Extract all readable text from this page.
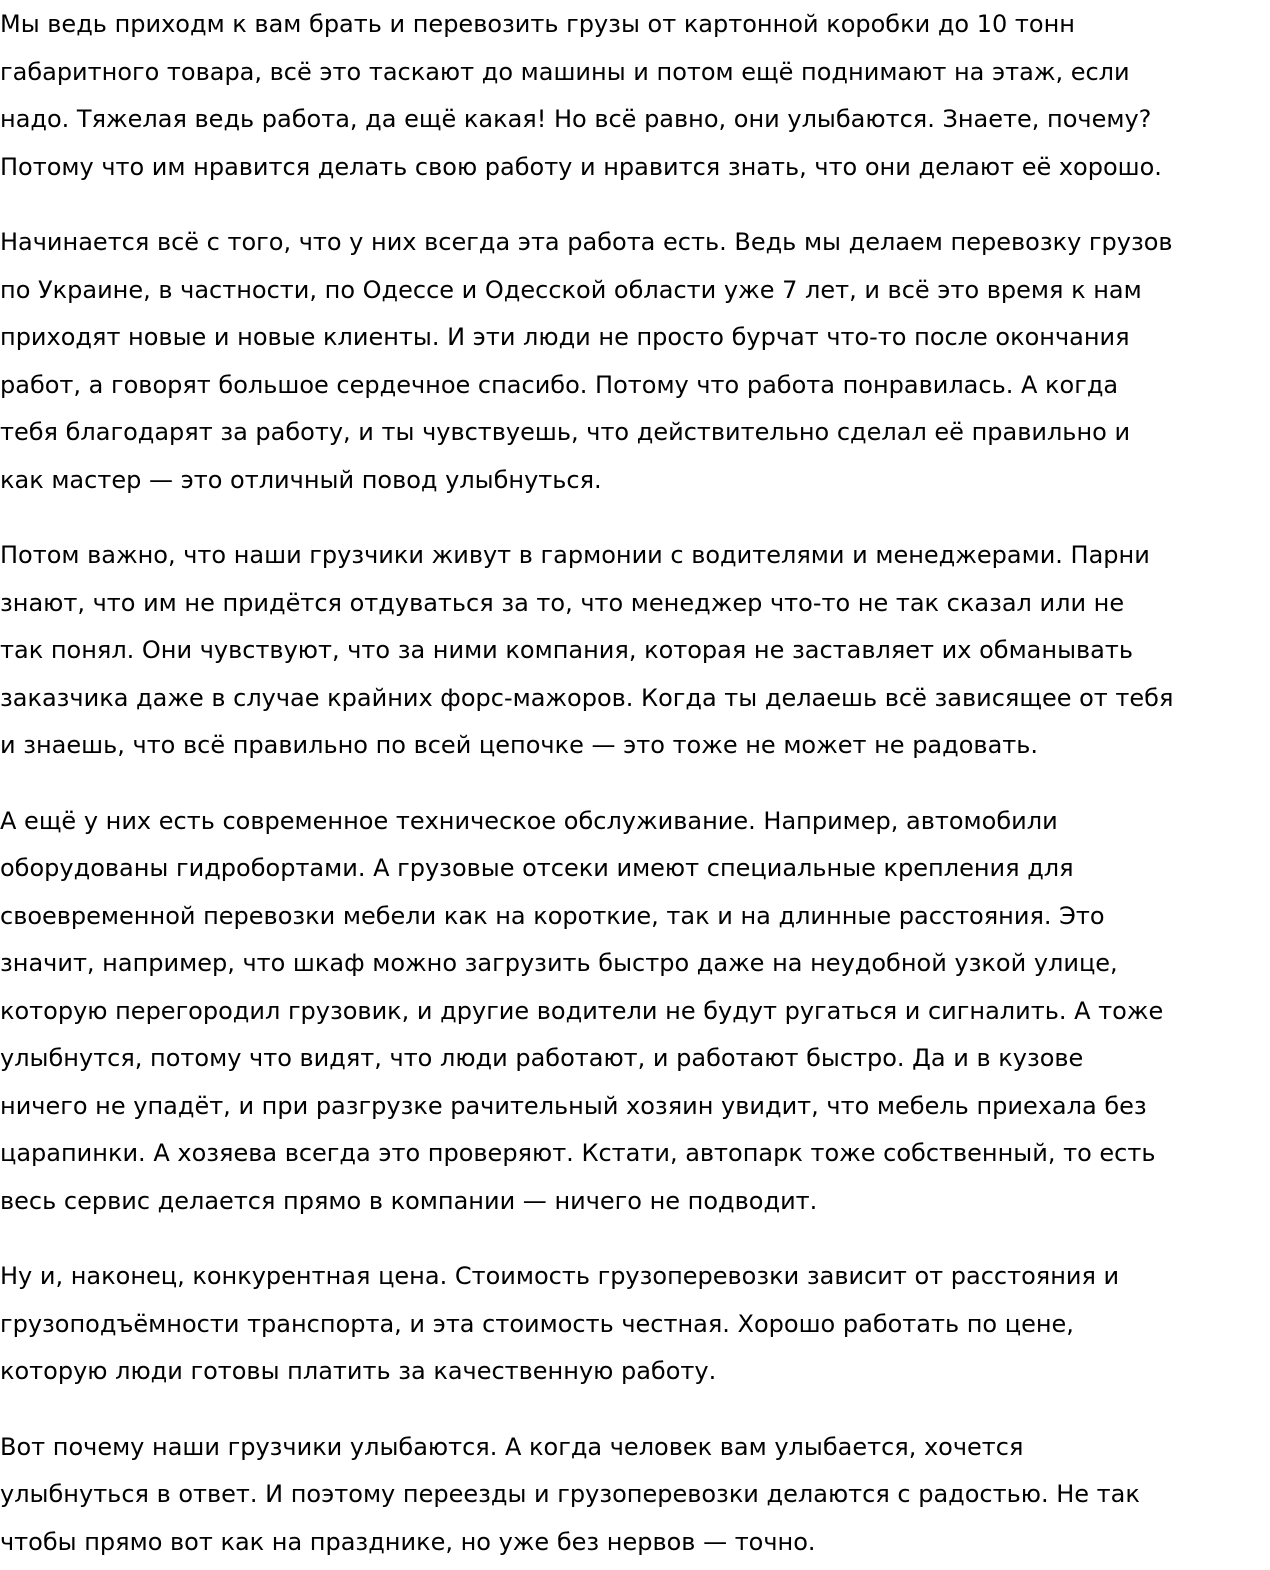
Мы ведь приходм к вам брать и перевозить грузы от картонной коробки до 10 тонн
габаритного товара, всё это таскают до машины и потом ещё поднимают на этаж, если
надо. Тяжелая ведь работа, да ещё какая! Но всё равно, они улыбаются. Знаете, почему?
Потому что им нравится делать свою работу и нравится знать, что они делают её хорошо.

Начинается всё с того, что у них всегда эта работа есть. Ведь мы делаем перевозку грузов
по Украине, в частности, по Одессе и Одесской области уже 7 лет, и всё это время к нам
приходят новые и новые клиенты. И эти люди не просто бурчат что-то после окончания
работ, а говорят большое сердечное спасибо. Потому что работа понравилась. А когда
тебя благодарят за работу, и ты чувствуешь, что действительно сделал её правильно и
как мастер — это отличный повод улыбнуться.

Потом важно, что наши грузчики живут в гармонии с водителями и менеджерами. Парни
знают, что им не придётся отдуваться за то, что менеджер что-то не так сказал или не
так понял. Они чувствуют, что за ними компания, которая не заставляет их обманывать
заказчика даже в случае крайних форс-мажоров. Когда ты делаешь всё зависящее от тебя
и знаешь, что всё правильно по всей цепочке — это тоже не может не радовать.

А ещё у них есть современное техническое обслуживание. Например, автомобили
оборудованы гидробортами. А грузовые отсеки имеют специальные крепления для
своевременной перевозки мебели как на короткие, так и на длинные расстояния. Это
значит, например, что шкаф можно загрузить быстро даже на неудобной узкой улице,
которую перегородил грузовик, и другие водители не будут ругаться и сигналить. А тоже
улыбнутся, потому что видят, что люди работают, и работают быстро. Да и в кузове
ничего не упадёт, и при разгрузке рачительный хозяин увидит, что мебель приехала без
царапинки. А хозяева всегда это проверяют. Кстати, автопарк тоже собственный, то есть
весь сервис делается прямо в компании — ничего не подводит.

Ну и, наконец, конкурентная цена. Стоимость грузоперевозки зависит от расстояния и
грузоподъёмности транспорта, и эта стоимость честная. Хорошо работать по цене,
которую люди готовы платить за качественную работу.

Вот почему наши грузчики улыбаются. А когда человек вам улыбается, хочется
улыбнуться в ответ. И поэтому переезды и грузоперевозки делаются с радостью. Не так
чтобы прямо вот как на празднике, но уже без нервов — точно.
